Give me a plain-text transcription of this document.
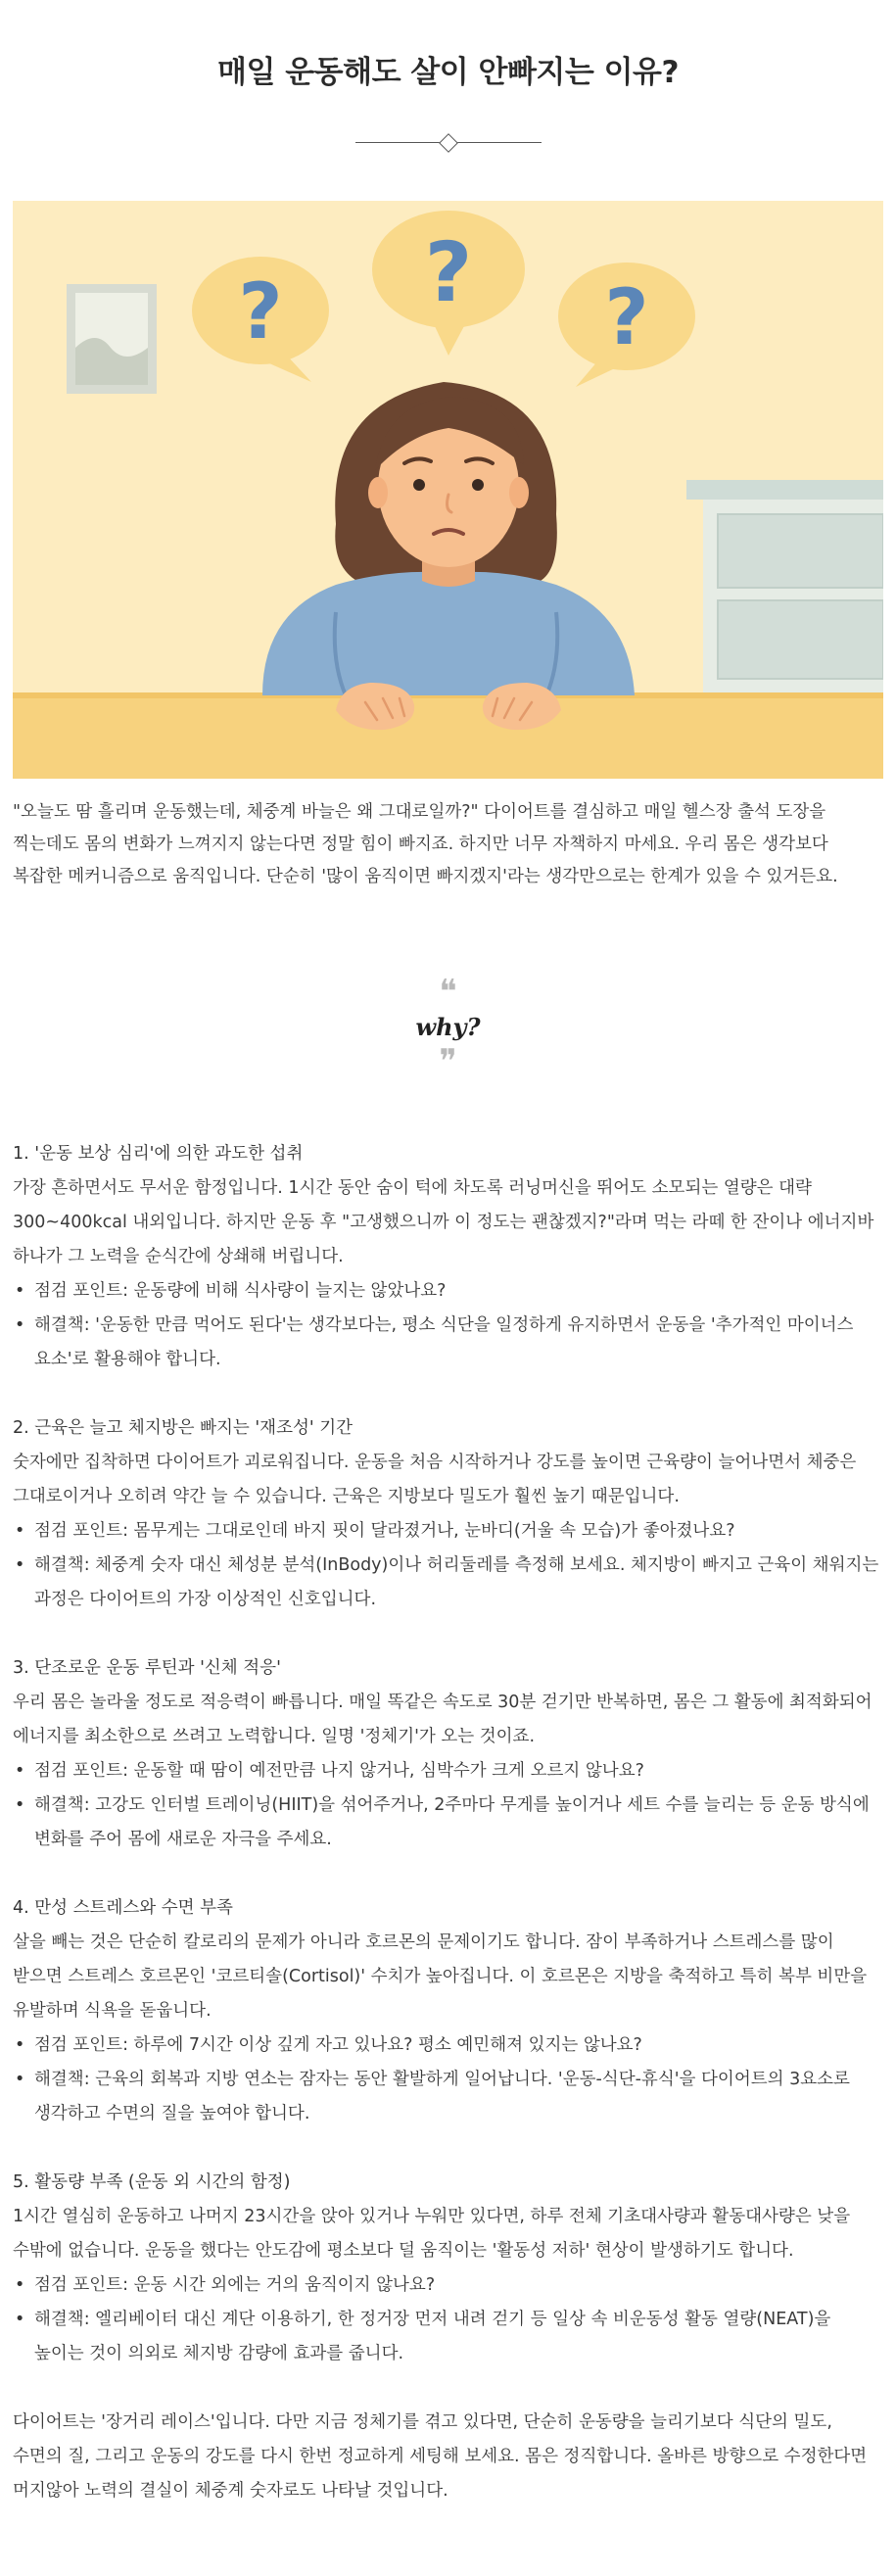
매일 운동해도 살이 안빠지는 이유?
? ? ?

"오늘도 땀 흘리며 운동했는데, 체중계 바늘은 왜 그대로일까?" 다이어트를 결심하고 매일 헬스장 출석 도장을 찍는데도 몸의 변화가 느껴지지 않는다면 정말 힘이 빠지죠. 하지만 너무 자책하지 마세요. 우리 몸은 생각보다 복잡한 메커니즘으로 움직입니다. 단순히 '많이 움직이면 빠지겠지'라는 생각만으로는 한계가 있을 수 있거든요.

❝
why?
❞
1. '운동 보상 심리'에 의한 과도한 섭취

가장 흔하면서도 무서운 함정입니다. 1시간 동안 숨이 턱에 차도록 러닝머신을 뛰어도 소모되는 열량은 대략 300~400kcal 내외입니다. 하지만 운동 후 "고생했으니까 이 정도는 괜찮겠지?"라며 먹는 라떼 한 잔이나 에너지바 하나가 그 노력을 순식간에 상쇄해 버립니다.

• 점검 포인트: 운동량에 비해 식사량이 늘지는 않았나요?
• 해결책: '운동한 만큼 먹어도 된다'는 생각보다는, 평소 식단을 일정하게 유지하면서 운동을 '추가적인 마이너스 요소'로 활용해야 합니다.
2. 근육은 늘고 체지방은 빠지는 '재조성' 기간

숫자에만 집착하면 다이어트가 괴로워집니다. 운동을 처음 시작하거나 강도를 높이면 근육량이 늘어나면서 체중은 그대로이거나 오히려 약간 늘 수 있습니다. 근육은 지방보다 밀도가 훨씬 높기 때문입니다.

• 점검 포인트: 몸무게는 그대로인데 바지 핏이 달라졌거나, 눈바디(거울 속 모습)가 좋아졌나요?
• 해결책: 체중계 숫자 대신 체성분 분석(InBody)이나 허리둘레를 측정해 보세요. 체지방이 빠지고 근육이 채워지는 과정은 다이어트의 가장 이상적인 신호입니다.
3. 단조로운 운동 루틴과 '신체 적응'

우리 몸은 놀라울 정도로 적응력이 빠릅니다. 매일 똑같은 속도로 30분 걷기만 반복하면, 몸은 그 활동에 최적화되어 에너지를 최소한으로 쓰려고 노력합니다. 일명 '정체기'가 오는 것이죠.

• 점검 포인트: 운동할 때 땀이 예전만큼 나지 않거나, 심박수가 크게 오르지 않나요?
• 해결책: 고강도 인터벌 트레이닝(HIIT)을 섞어주거나, 2주마다 무게를 높이거나 세트 수를 늘리는 등 운동 방식에 변화를 주어 몸에 새로운 자극을 주세요.
4. 만성 스트레스와 수면 부족

살을 빼는 것은 단순히 칼로리의 문제가 아니라 호르몬의 문제이기도 합니다. 잠이 부족하거나 스트레스를 많이 받으면 스트레스 호르몬인 '코르티솔(Cortisol)' 수치가 높아집니다. 이 호르몬은 지방을 축적하고 특히 복부 비만을 유발하며 식욕을 돋웁니다.

• 점검 포인트: 하루에 7시간 이상 깊게 자고 있나요? 평소 예민해져 있지는 않나요?
• 해결책: 근육의 회복과 지방 연소는 잠자는 동안 활발하게 일어납니다. '운동-식단-휴식'을 다이어트의 3요소로 생각하고 수면의 질을 높여야 합니다.
5. 활동량 부족 (운동 외 시간의 함정)

1시간 열심히 운동하고 나머지 23시간을 앉아 있거나 누워만 있다면, 하루 전체 기초대사량과 활동대사량은 낮을 수밖에 없습니다. 운동을 했다는 안도감에 평소보다 덜 움직이는 '활동성 저하' 현상이 발생하기도 합니다.

• 점검 포인트: 운동 시간 외에는 거의 움직이지 않나요?
• 해결책: 엘리베이터 대신 계단 이용하기, 한 정거장 먼저 내려 걷기 등 일상 속 비운동성 활동 열량(NEAT)을 높이는 것이 의외로 체지방 감량에 효과를 줍니다.

다이어트는 '장거리 레이스'입니다. 다만 지금 정체기를 겪고 있다면, 단순히 운동량을 늘리기보다 식단의 밀도, 수면의 질, 그리고 운동의 강도를 다시 한번 정교하게 세팅해 보세요. 몸은 정직합니다. 올바른 방향으로 수정한다면 머지않아 노력의 결실이 체중계 숫자로도 나타날 것입니다.
